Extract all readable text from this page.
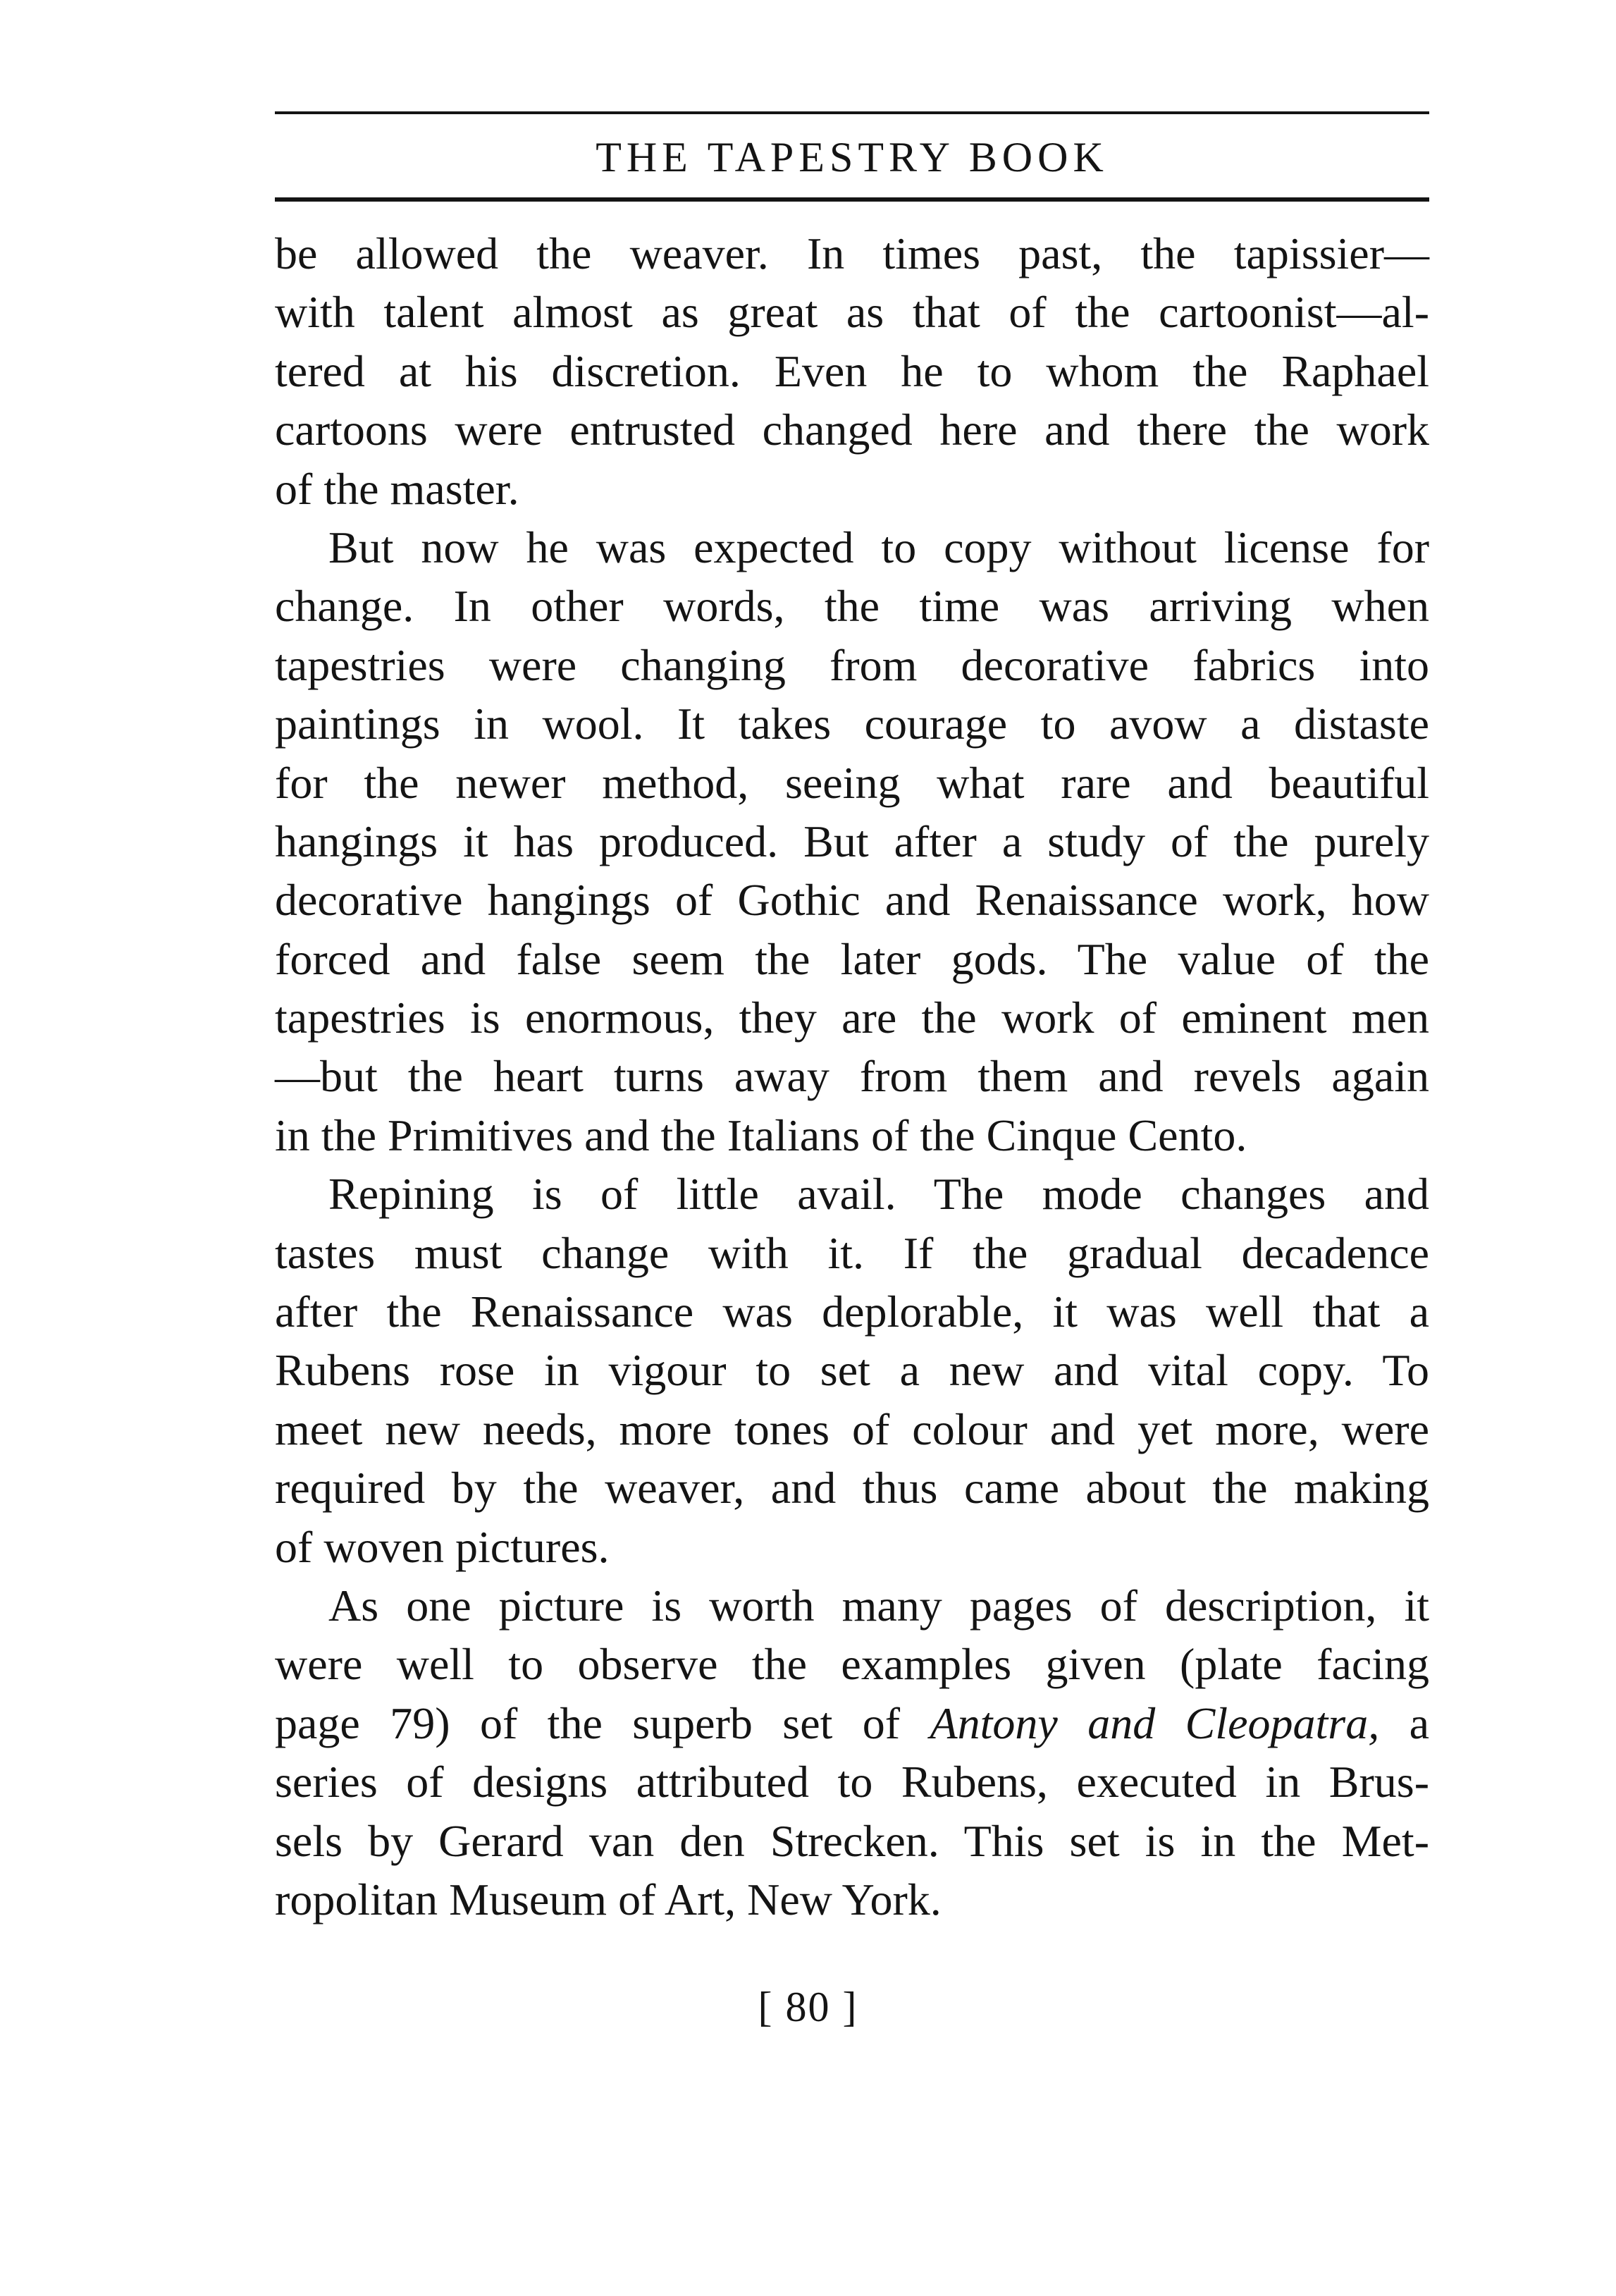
THE TAPESTRY BOOK
be allowed the weaver. In times past, the tapissier—
with talent almost as great as that of the cartoonist—al-
tered at his discretion. Even he to whom the Raphael
cartoons were entrusted changed here and there the work
of the master.
But now he was expected to copy without license for
change. In other words, the time was arriving when
tapestries were changing from decorative fabrics into
paintings in wool. It takes courage to avow a distaste
for the newer method, seeing what rare and beautiful
hangings it has produced. But after a study of the purely
decorative hangings of Gothic and Renaissance work, how
forced and false seem the later gods. The value of the
tapestries is enormous, they are the work of eminent men
—but the heart turns away from them and revels again
in the Primitives and the Italians of the Cinque Cento.
Repining is of little avail. The mode changes and
tastes must change with it. If the gradual decadence
after the Renaissance was deplorable, it was well that a
Rubens rose in vigour to set a new and vital copy. To
meet new needs, more tones of colour and yet more, were
required by the weaver, and thus came about the making
of woven pictures.
As one picture is worth many pages of description, it
were well to observe the examples given (plate facing
page 79) of the superb set of Antony and Cleopatra, a
series of designs attributed to Rubens, executed in Brus-
sels by Gerard van den Strecken. This set is in the Met-
ropolitan Museum of Art, New York.
[ 80 ]
